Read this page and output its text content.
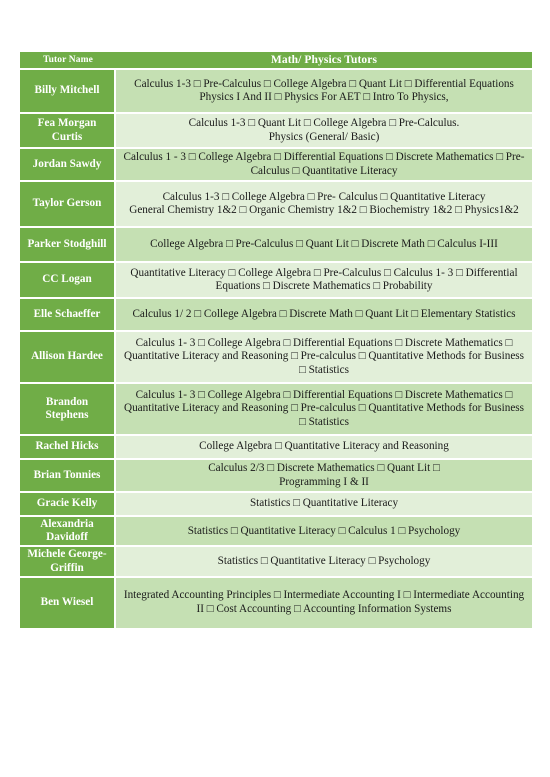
Tutor Name	Math/ Physics Tutors
Billy Mitchell	Calculus 1-3 □ Pre-Calculus □ College Algebra □ Quant Lit □ Differential Equations
Physics I And II □ Physics For AET □ Intro To Physics,

Fea Morgan Curtis	Calculus 1-3 □ Quant Lit □ College Algebra □ Pre-Calculus.
Physics (General/ Basic)

Jordan Sawdy	Calculus 1 - 3 □ College Algebra □ Differential Equations □ Discrete Mathematics □ Pre- Calculus □ Quantitative Literacy

Taylor Gerson	Calculus 1-3 □ College Algebra □ Pre- Calculus □ Quantitative Literacy
General Chemistry 1&2 □ Organic Chemistry 1&2 □ Biochemistry 1&2 □ Physics1&2

Parker Stodghill	College Algebra □ Pre-Calculus □ Quant Lit □ Discrete Math □ Calculus I-III

CC Logan	Quantitative Literacy □ College Algebra □ Pre-Calculus □ Calculus 1- 3 □ Differential Equations □ Discrete Mathematics □ Probability

Elle Schaeffer	Calculus 1/ 2 □ College Algebra □ Discrete Math □ Quant Lit □ Elementary Statistics

Allison Hardee	Calculus 1- 3 □ College Algebra □ Differential Equations □ Discrete Mathematics □ Quantitative Literacy and Reasoning □ Pre-calculus □ Quantitative Methods for Business □ Statistics

Brandon Stephens	Calculus 1- 3 □ College Algebra □ Differential Equations □ Discrete Mathematics □ Quantitative Literacy and Reasoning □ Pre-calculus □ Quantitative Methods for Business □ Statistics

Rachel Hicks	College Algebra □ Quantitative Literacy and Reasoning

Brian Tonnies	Calculus 2/3 □ Discrete Mathematics □ Quant Lit □
Programming I & II

Gracie Kelly	Statistics □ Quantitative Literacy

Alexandria Davidoff	Statistics □ Quantitative Literacy □ Calculus 1 □ Psychology

Michele George-Griffin	Statistics □ Quantitative Literacy □ Psychology

Ben Wiesel	Integrated Accounting Principles □ Intermediate Accounting I □ Intermediate Accounting II □ Cost Accounting □ Accounting Information Systems
